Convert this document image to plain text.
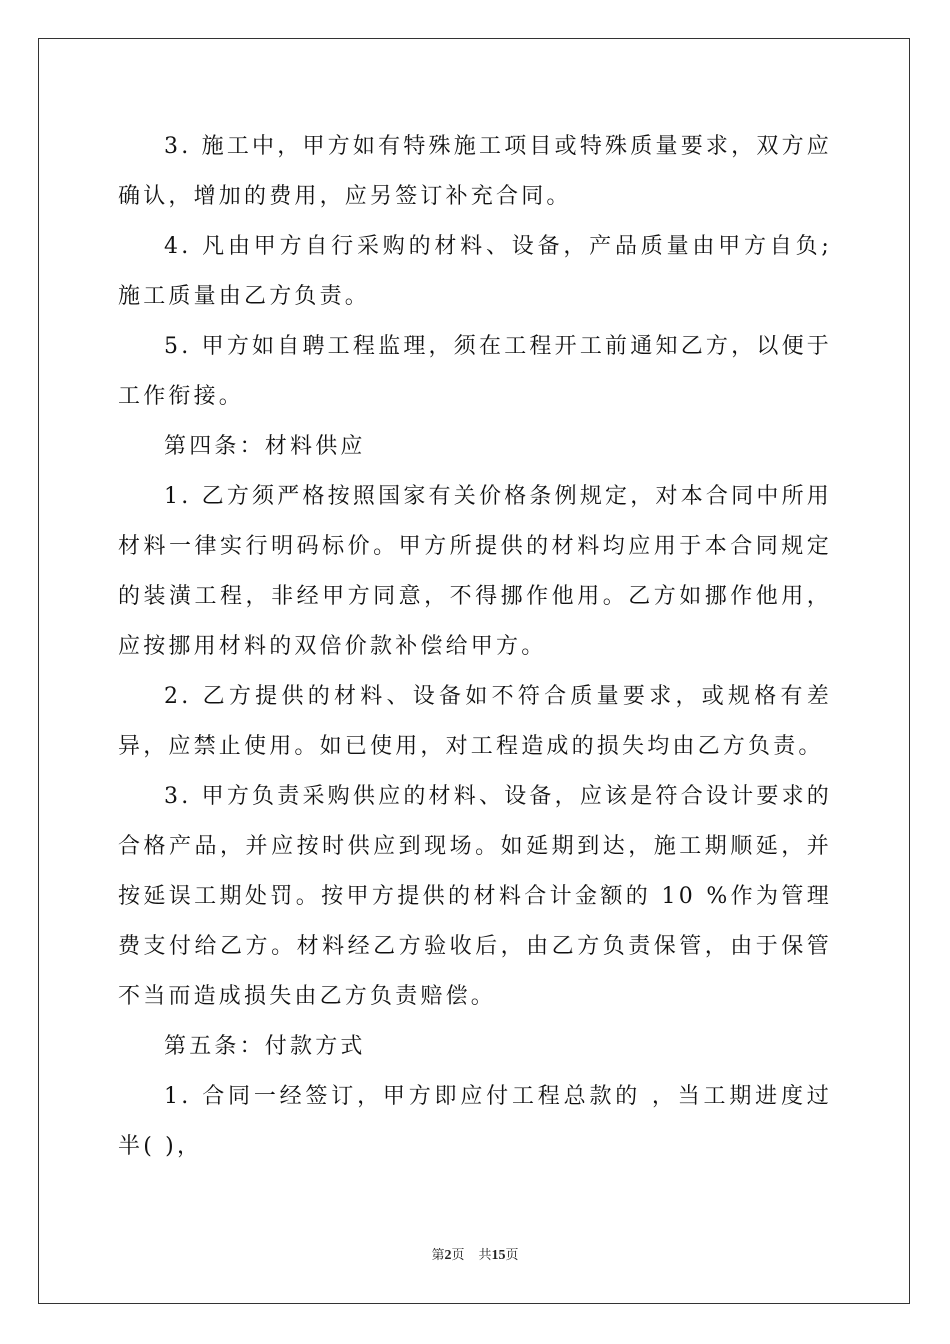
3. 施工中，甲方如有特殊施工项目或特殊质量要求，双方应确认，增加的费用，应另签订补充合同。

4. 凡由甲方自行采购的材料、设备，产品质量由甲方自负;施工质量由乙方负责。

5. 甲方如自聘工程监理，须在工程开工前通知乙方，以便于工作衔接。

第四条：材料供应

1. 乙方须严格按照国家有关价格条例规定，对本合同中所用材料一律实行明码标价。甲方所提供的材料均应用于本合同规定的装潢工程，非经甲方同意，不得挪作他用。乙方如挪作他用，应按挪用材料的双倍价款补偿给甲方。

2. 乙方提供的材料、设备如不符合质量要求，或规格有差异，应禁止使用。如已使用，对工程造成的损失均由乙方负责。

3. 甲方负责采购供应的材料、设备，应该是符合设计要求的合格产品，并应按时供应到现场。如延期到达，施工期顺延，并按延误工期处罚。按甲方提供的材料合计金额的 10 %作为管理费支付给乙方。材料经乙方验收后，由乙方负责保管，由于保管不当而造成损失由乙方负责赔偿。

第五条：付款方式

1. 合同一经签订，甲方即应付工程总款的 ，当工期进度过半( )，

第2页 共15页
